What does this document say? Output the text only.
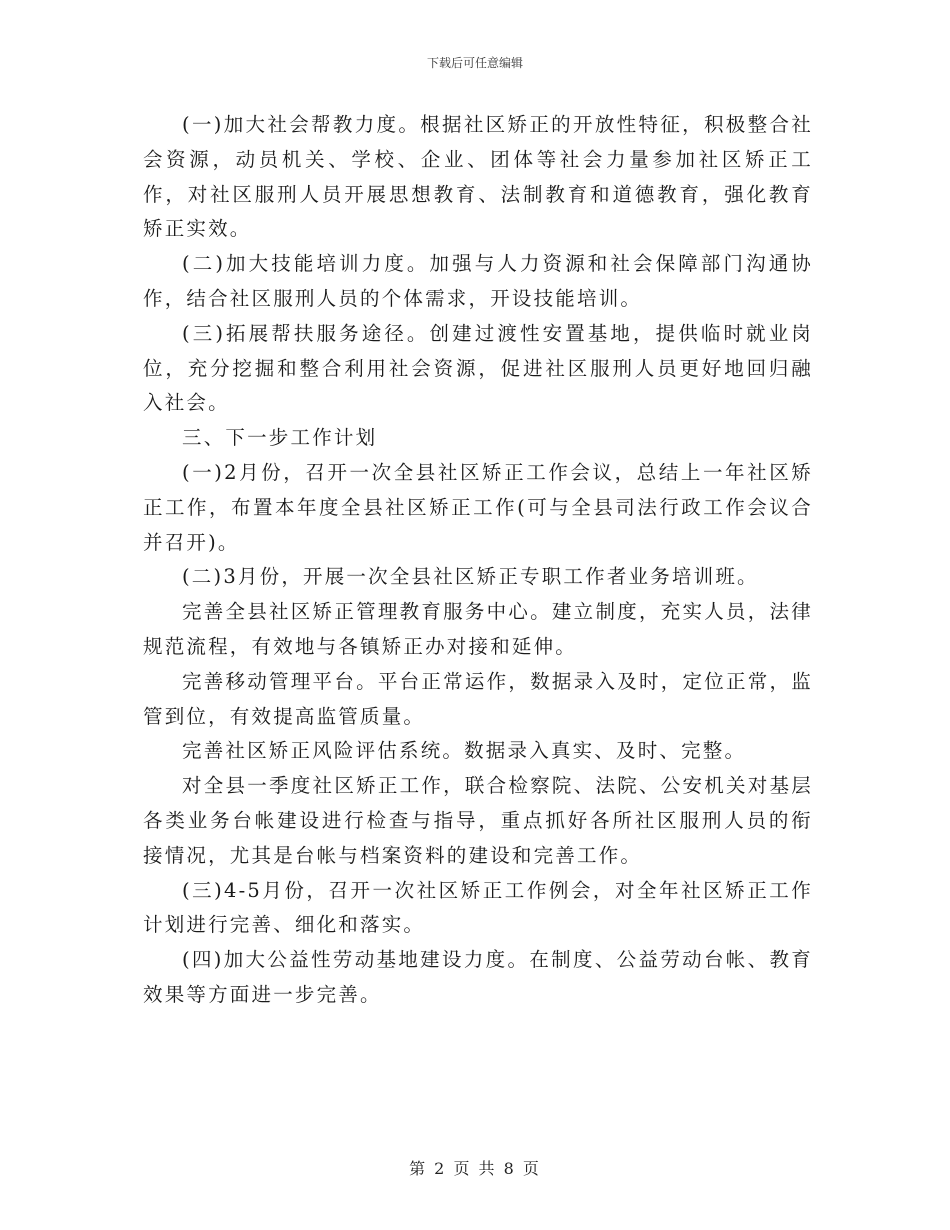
下载后可任意编辑

(一)加大社会帮教力度。根据社区矫正的开放性特征，积极整合社会资源，动员机关、学校、企业、团体等社会力量参加社区矫正工作，对社区服刑人员开展思想教育、法制教育和道德教育，强化教育矫正实效。

(二)加大技能培训力度。加强与人力资源和社会保障部门沟通协作，结合社区服刑人员的个体需求，开设技能培训。

(三)拓展帮扶服务途径。创建过渡性安置基地，提供临时就业岗位，充分挖掘和整合利用社会资源，促进社区服刑人员更好地回归融入社会。

三、下一步工作计划

(一)2月份，召开一次全县社区矫正工作会议，总结上一年社区矫正工作，布置本年度全县社区矫正工作(可与全县司法行政工作会议合并召开)。

(二)3月份，开展一次全县社区矫正专职工作者业务培训班。

完善全县社区矫正管理教育服务中心。建立制度，充实人员，法律规范流程，有效地与各镇矫正办对接和延伸。

完善移动管理平台。平台正常运作，数据录入及时，定位正常，监管到位，有效提高监管质量。

完善社区矫正风险评估系统。数据录入真实、及时、完整。

对全县一季度社区矫正工作，联合检察院、法院、公安机关对基层各类业务台帐建设进行检查与指导，重点抓好各所社区服刑人员的衔接情况，尤其是台帐与档案资料的建设和完善工作。

(三)4-5月份，召开一次社区矫正工作例会，对全年社区矫正工作计划进行完善、细化和落实。

(四)加大公益性劳动基地建设力度。在制度、公益劳动台帐、教育效果等方面进一步完善。

第 2 页 共 8 页
